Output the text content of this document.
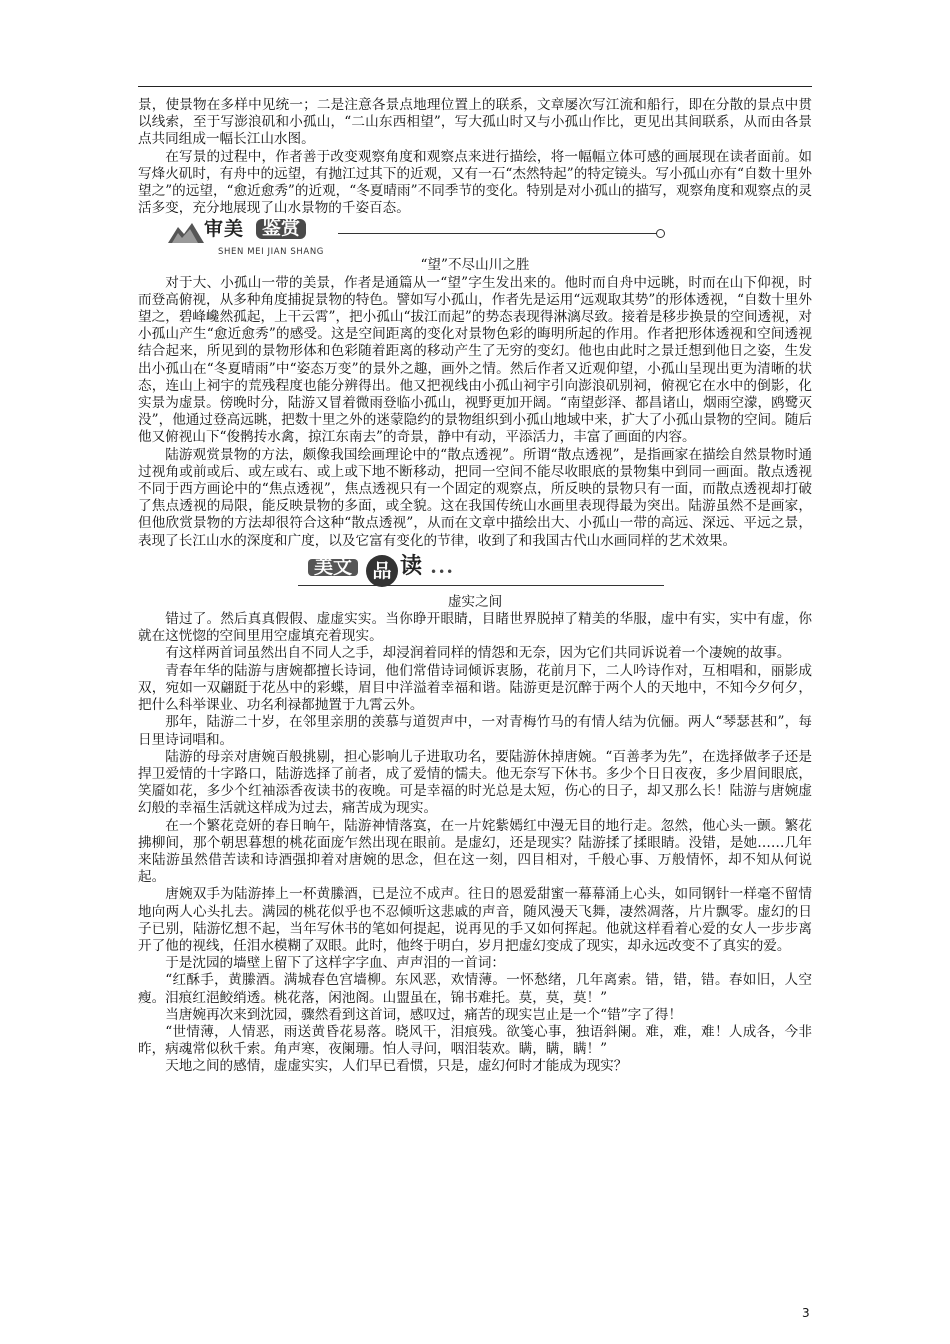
景，使景物在多样中见统一；二是注意各景点地理位置上的联系，文章屡次写江流和船行，即在分散的景点中贯以线索，至于写澎浪矶和小孤山，“二山东西相望”，写大孤山时又与小孤山作比，更见出其间联系，从而由各景点共同组成一幅长江山水图。

在写景的过程中，作者善于改变观察角度和观察点来进行描绘，将一幅幅立体可感的画展现在读者面前。如写烽火矶时，有舟中的远望，有抛江过其下的近观，又有一石“杰然特起”的特定镜头。写小孤山亦有“自数十里外望之”的远望，“愈近愈秀”的近观，“冬夏晴雨”不同季节的变化。特别是对小孤山的描写，观察角度和观察点的灵活多变，充分地展现了山水景物的千姿百态。

审美 鉴赏
SHEN MEI JIAN SHANG

“望”不尽山川之胜

对于大、小孤山一带的美景，作者是通篇从一“望”字生发出来的。他时而自舟中远眺，时而在山下仰视，时而登高俯视，从多种角度捕捉景物的特色。譬如写小孤山，作者先是运用“远观取其势”的形体透视，“自数十里外望之，碧峰巉然孤起，上干云霄”，把小孤山“拔江而起”的势态表现得淋漓尽致。接着是移步换景的空间透视，对小孤山产生“愈近愈秀”的感受。这是空间距离的变化对景物色彩的晦明所起的作用。作者把形体透视和空间透视结合起来，所见到的景物形体和色彩随着距离的移动产生了无穷的变幻。他也由此时之景迁想到他日之姿，生发出小孤山在“冬夏晴雨”中“姿态万变”的景外之趣，画外之情。然后作者又近观仰望，小孤山呈现出更为清晰的状态，连山上祠宇的荒残程度也能分辨得出。他又把视线由小孤山祠宇引向澎浪矶别祠，俯视它在水中的倒影，化实景为虚景。傍晚时分，陆游又冒着微雨登临小孤山，视野更加开阔。“南望彭泽、都昌诸山，烟雨空濛，鸥鹭灭没”，他通过登高远眺，把数十里之外的迷蒙隐约的景物组织到小孤山地域中来，扩大了小孤山景物的空间。随后他又俯视山下“俊鹘抟水禽，掠江东南去”的奇景，静中有动，平添活力，丰富了画面的内容。

陆游观赏景物的方法，颇像我国绘画理论中的“散点透视”。所谓“散点透视”，是指画家在描绘自然景物时通过视角或前或后、或左或右、或上或下地不断移动，把同一空间不能尽收眼底的景物集中到同一画面。散点透视不同于西方画论中的“焦点透视”，焦点透视只有一个固定的观察点，所反映的景物只有一面，而散点透视却打破了焦点透视的局限，能反映景物的多面，或全貌。这在我国传统山水画里表现得最为突出。陆游虽然不是画家，但他欣赏景物的方法却很符合这种“散点透视”，从而在文章中描绘出大、小孤山一带的高远、深远、平远之景，表现了长江山水的深度和广度，以及它富有变化的节律，收到了和我国古代山水画同样的艺术效果。

美文	品 读 •••

虚实之间

错过了。然后真真假假、虚虚实实。当你睁开眼睛，目睹世界脱掉了精美的华服，虚中有实，实中有虚，你就在这恍惚的空间里用空虚填充着现实。

有这样两首词虽然出自不同人之手，却浸润着同样的情怨和无奈，因为它们共同诉说着一个凄婉的故事。

青春年华的陆游与唐婉都擅长诗词，他们常借诗词倾诉衷肠，花前月下，二人吟诗作对，互相唱和，丽影成双，宛如一双翩跹于花丛中的彩蝶，眉目中洋溢着幸福和谐。陆游更是沉醉于两个人的天地中，不知今夕何夕，把什么科举课业、功名利禄都抛置于九霄云外。

那年，陆游二十岁，在邻里亲朋的羡慕与道贺声中，一对青梅竹马的有情人结为伉俪。两人“琴瑟甚和”，每日里诗词唱和。

陆游的母亲对唐婉百般挑剔，担心影响儿子进取功名，要陆游休掉唐婉。“百善孝为先”，在选择做孝子还是捍卫爱情的十字路口，陆游选择了前者，成了爱情的懦夫。他无奈写下休书。多少个日日夜夜，多少眉间眼底，笑靥如花，多少个红袖添香夜读书的夜晚。可是幸福的时光总是太短，伤心的日子，却又那么长！陆游与唐婉虚幻般的幸福生活就这样成为过去，痛苦成为现实。

在一个繁花竞妍的春日晌午，陆游神情落寞，在一片姹紫嫣红中漫无目的地行走。忽然，他心头一颤。繁花拂柳间，那个朝思暮想的桃花面庞乍然出现在眼前。是虚幻，还是现实？陆游揉了揉眼睛。没错，是她……几年来陆游虽然借苦读和诗酒强抑着对唐婉的思念，但在这一刻，四目相对，千般心事、万般情怀，却不知从何说起。

唐婉双手为陆游捧上一杯黄縢酒，已是泣不成声。往日的恩爱甜蜜一幕幕涌上心头，如同钢针一样毫不留情地向两人心头扎去。满园的桃花似乎也不忍倾听这悲戚的声音，随风漫天飞舞，凄然凋落，片片飘零。虚幻的日子已别，陆游忆想不起，当年写休书的笔如何提起，说再见的手又如何挥起。他就这样看着心爱的女人一步步离开了他的视线，任泪水模糊了双眼。此时，他终于明白，岁月把虚幻变成了现实，却永远改变不了真实的爱。

于是沈园的墙壁上留下了这样字字血、声声泪的一首词：

“红酥手，黄縢酒。满城春色宫墙柳。东风恶，欢情薄。一怀愁绪，几年离索。错，错，错。春如旧，人空瘦。泪痕红浥鲛绡透。桃花落，闲池阁。山盟虽在，锦书难托。莫，莫，莫！”

当唐婉再次来到沈园，骤然看到这首词，感叹过，痛苦的现实岂止是一个“错”字了得！

“世情薄，人情恶，雨送黄昏花易落。晓风干，泪痕残。欲笺心事，独语斜阑。难，难，难！人成各，今非昨，病魂常似秋千索。角声寒，夜阑珊。怕人寻问，咽泪装欢。瞒，瞒，瞒！”

天地之间的感情，虚虚实实，人们早已看惯，只是，虚幻何时才能成为现实？

3
